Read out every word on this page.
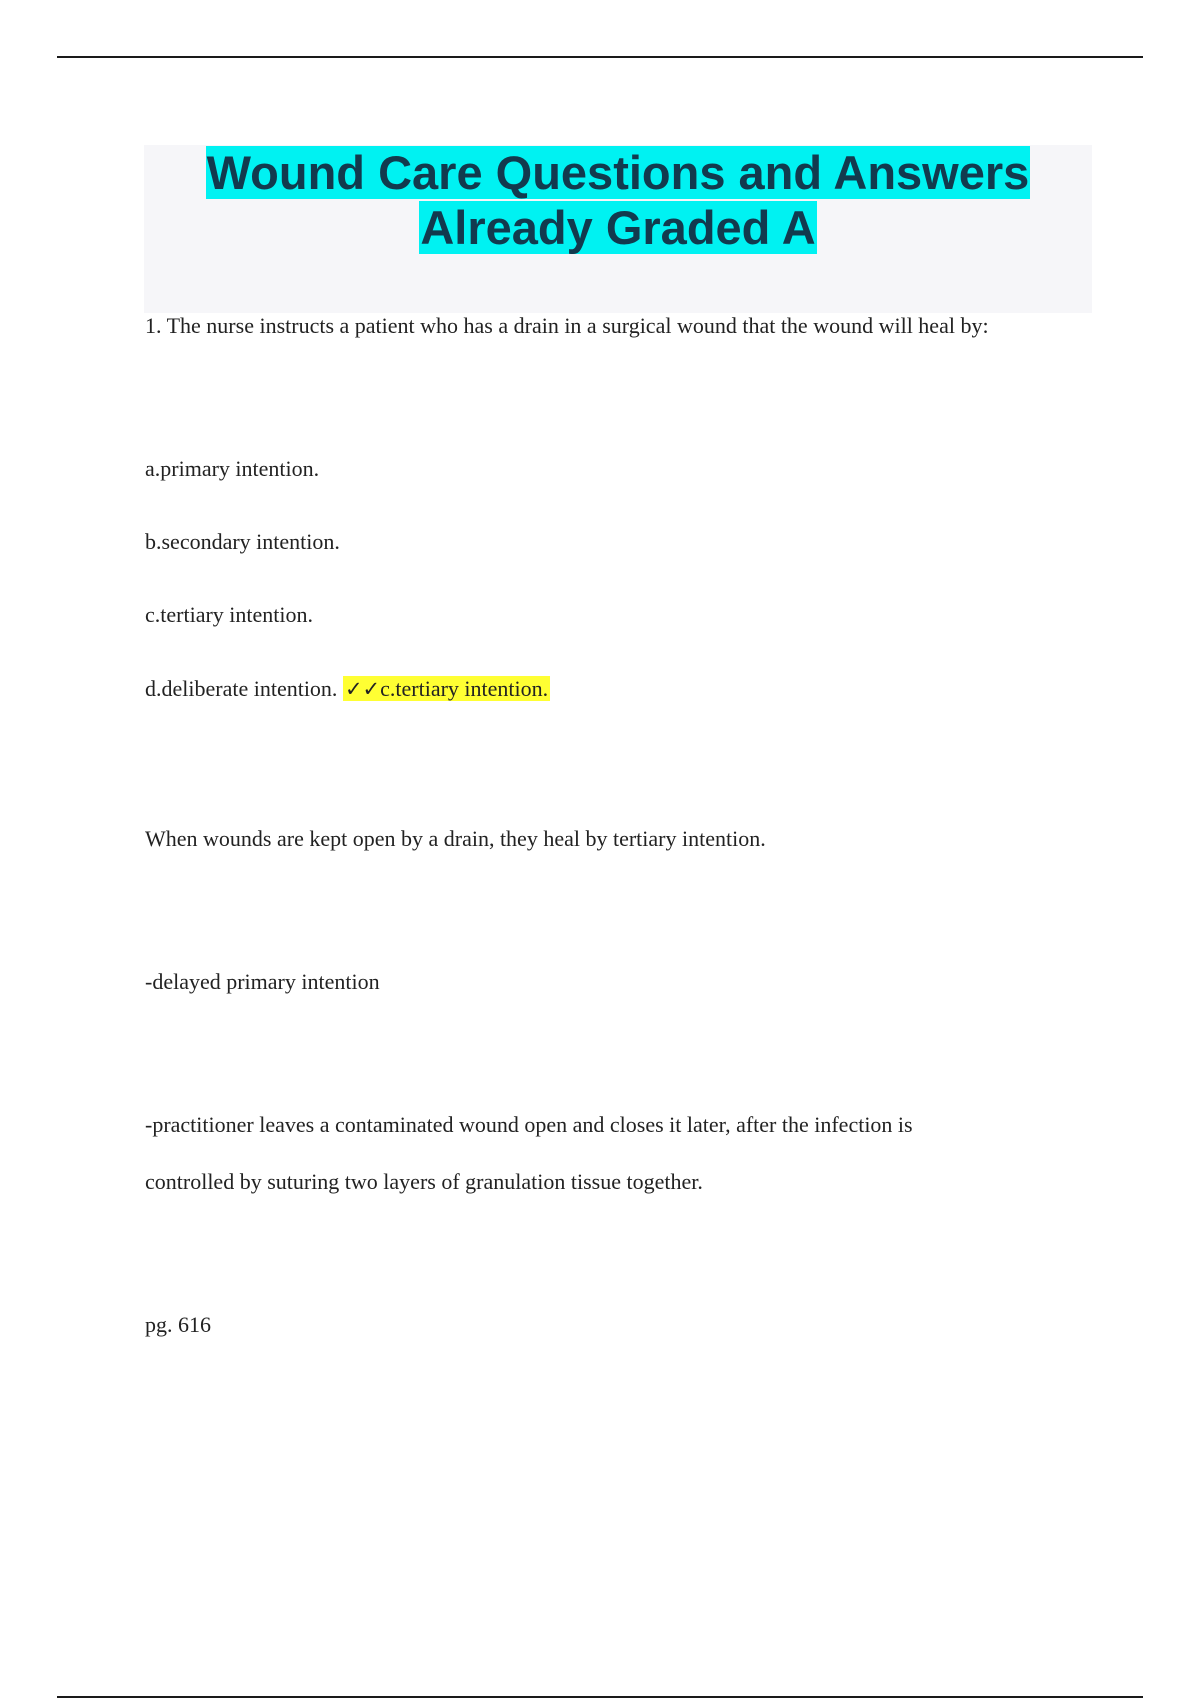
Wound Care Questions and Answers
Already Graded A

1. The nurse instructs a patient who has a drain in a surgical wound that the wound will heal by:

a.primary intention.

b.secondary intention.

c.tertiary intention.

d.deliberate intention. ✓✓c.tertiary intention.

When wounds are kept open by a drain, they heal by tertiary intention.

-delayed primary intention

-practitioner leaves a contaminated wound open and closes it later, after the infection is

controlled by suturing two layers of granulation tissue together.

pg. 616
